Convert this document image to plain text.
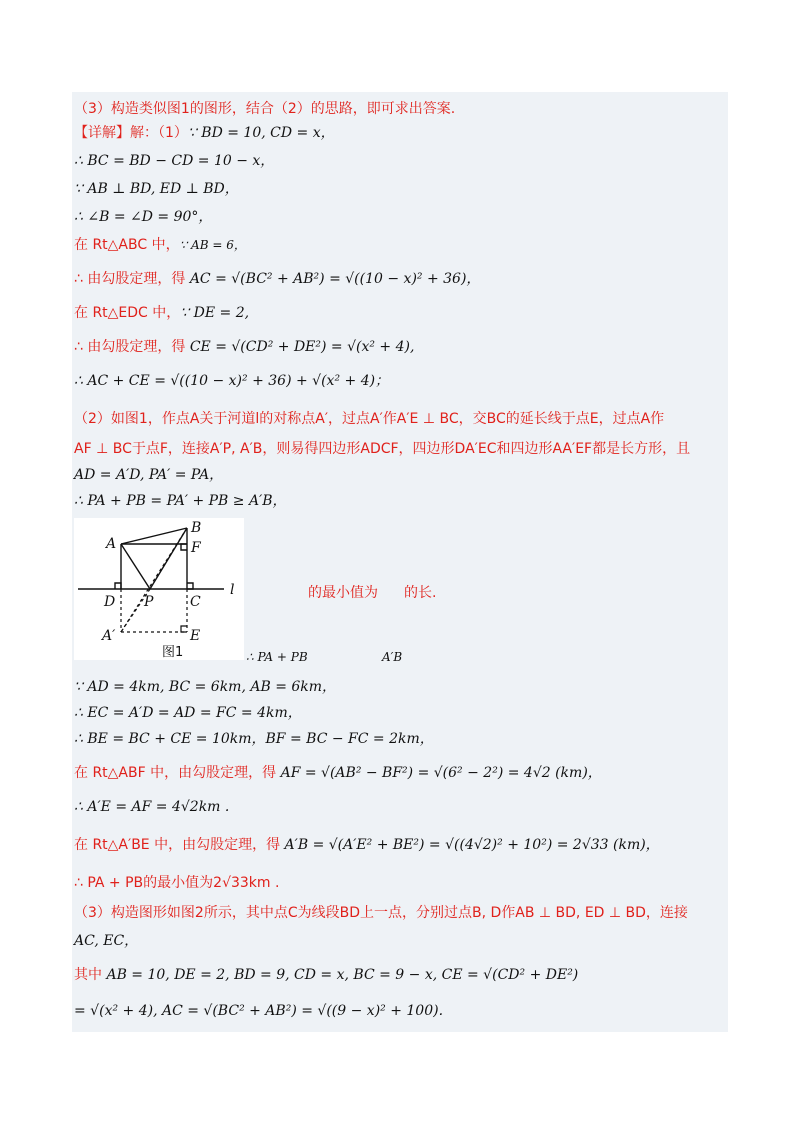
（3）构造类似图1的图形，结合（2）的思路，即可求出答案.
【详解】解：（1）∵ BD = 10, CD = x，
∴ BC = BD − CD = 10 − x，
∵ AB ⊥ BD, ED ⊥ BD，
∴ ∠B = ∠D = 90°，
在 Rt△ABC 中，∵ AB = 6，
∴ 由勾股定理，得 AC = √(BC² + AB²) = √((10 − x)² + 36)，
在 Rt△EDC 中，∵ DE = 2,
∴ 由勾股定理，得 CE = √(CD² + DE²) = √(x² + 4),
∴ AC + CE = √((10 − x)² + 36) + √(x² + 4)；
（2）如图1，作点A关于河道l的对称点A′，过点A′作A′E ⊥ BC，交BC的延长线于点E，过点A作
AF ⊥ BC于点F，连接A′P, A′B，则易得四边形ADCF，四边形DA′EC和四边形AA′EF都是长方形，且
AD = A′D, PA′ = PA，
∴ PA + PB = PA′ + PB ≥ A′B，
A
B
F
D P	C
l
A′	E
图1	∴ PA + PB
的最小值为
A′B
的长.
∵ AD = 4km, BC = 6km, AB = 6km，
∴ EC = A′D = AD = FC = 4km，
∴ BE = BC + CE = 10km，BF = BC − FC = 2km，
在 Rt△ABF 中，由勾股定理，得 AF = √(AB² − BF²) = √(6² − 2²) = 4√2 (km)，
∴ A′E = AF = 4√2km .
在 Rt△A′BE 中，由勾股定理，得 A′B = √(A′E² + BE²) = √((4√2)² + 10²) = 2√33 (km)，
∴ PA + PB的最小值为2√33km .
（3）构造图形如图2所示，其中点C为线段BD上一点，分别过点B, D作AB ⊥ BD, ED ⊥ BD，连接
AC, EC，
其中 AB = 10, DE = 2, BD = 9, CD = x, BC = 9 − x, CE = √(CD² + DE²)
= √(x² + 4), AC = √(BC² + AB²) = √((9 − x)² + 100).
